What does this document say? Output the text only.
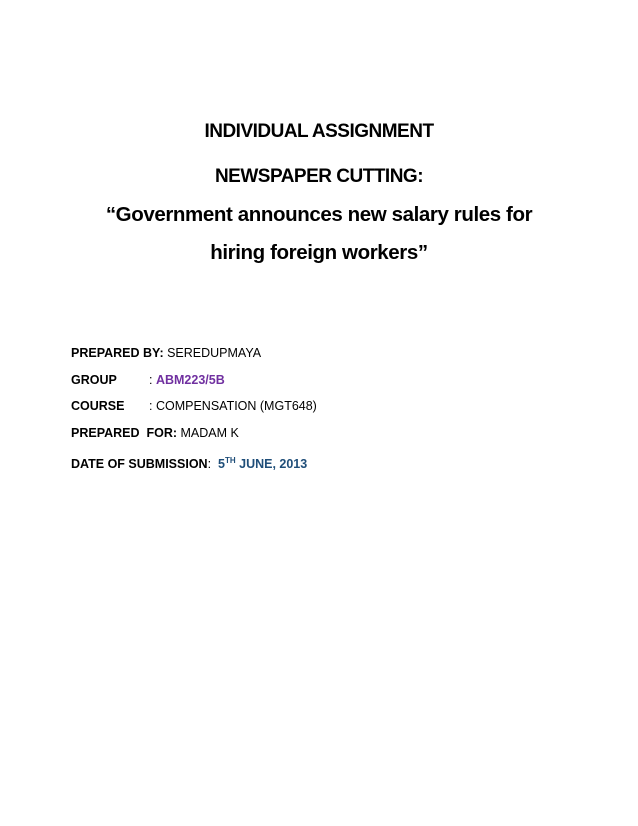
INDIVIDUAL ASSIGNMENT
NEWSPAPER CUTTING:
“Government announces new salary rules for
hiring foreign workers”
PREPARED BY: SEREDUPMAYA
GROUP	: ABM223/5B
COURSE : COMPENSATION (MGT648)
PREPARED  FOR: MADAM K
DATE OF SUBMISSION:  5TH JUNE, 2013
